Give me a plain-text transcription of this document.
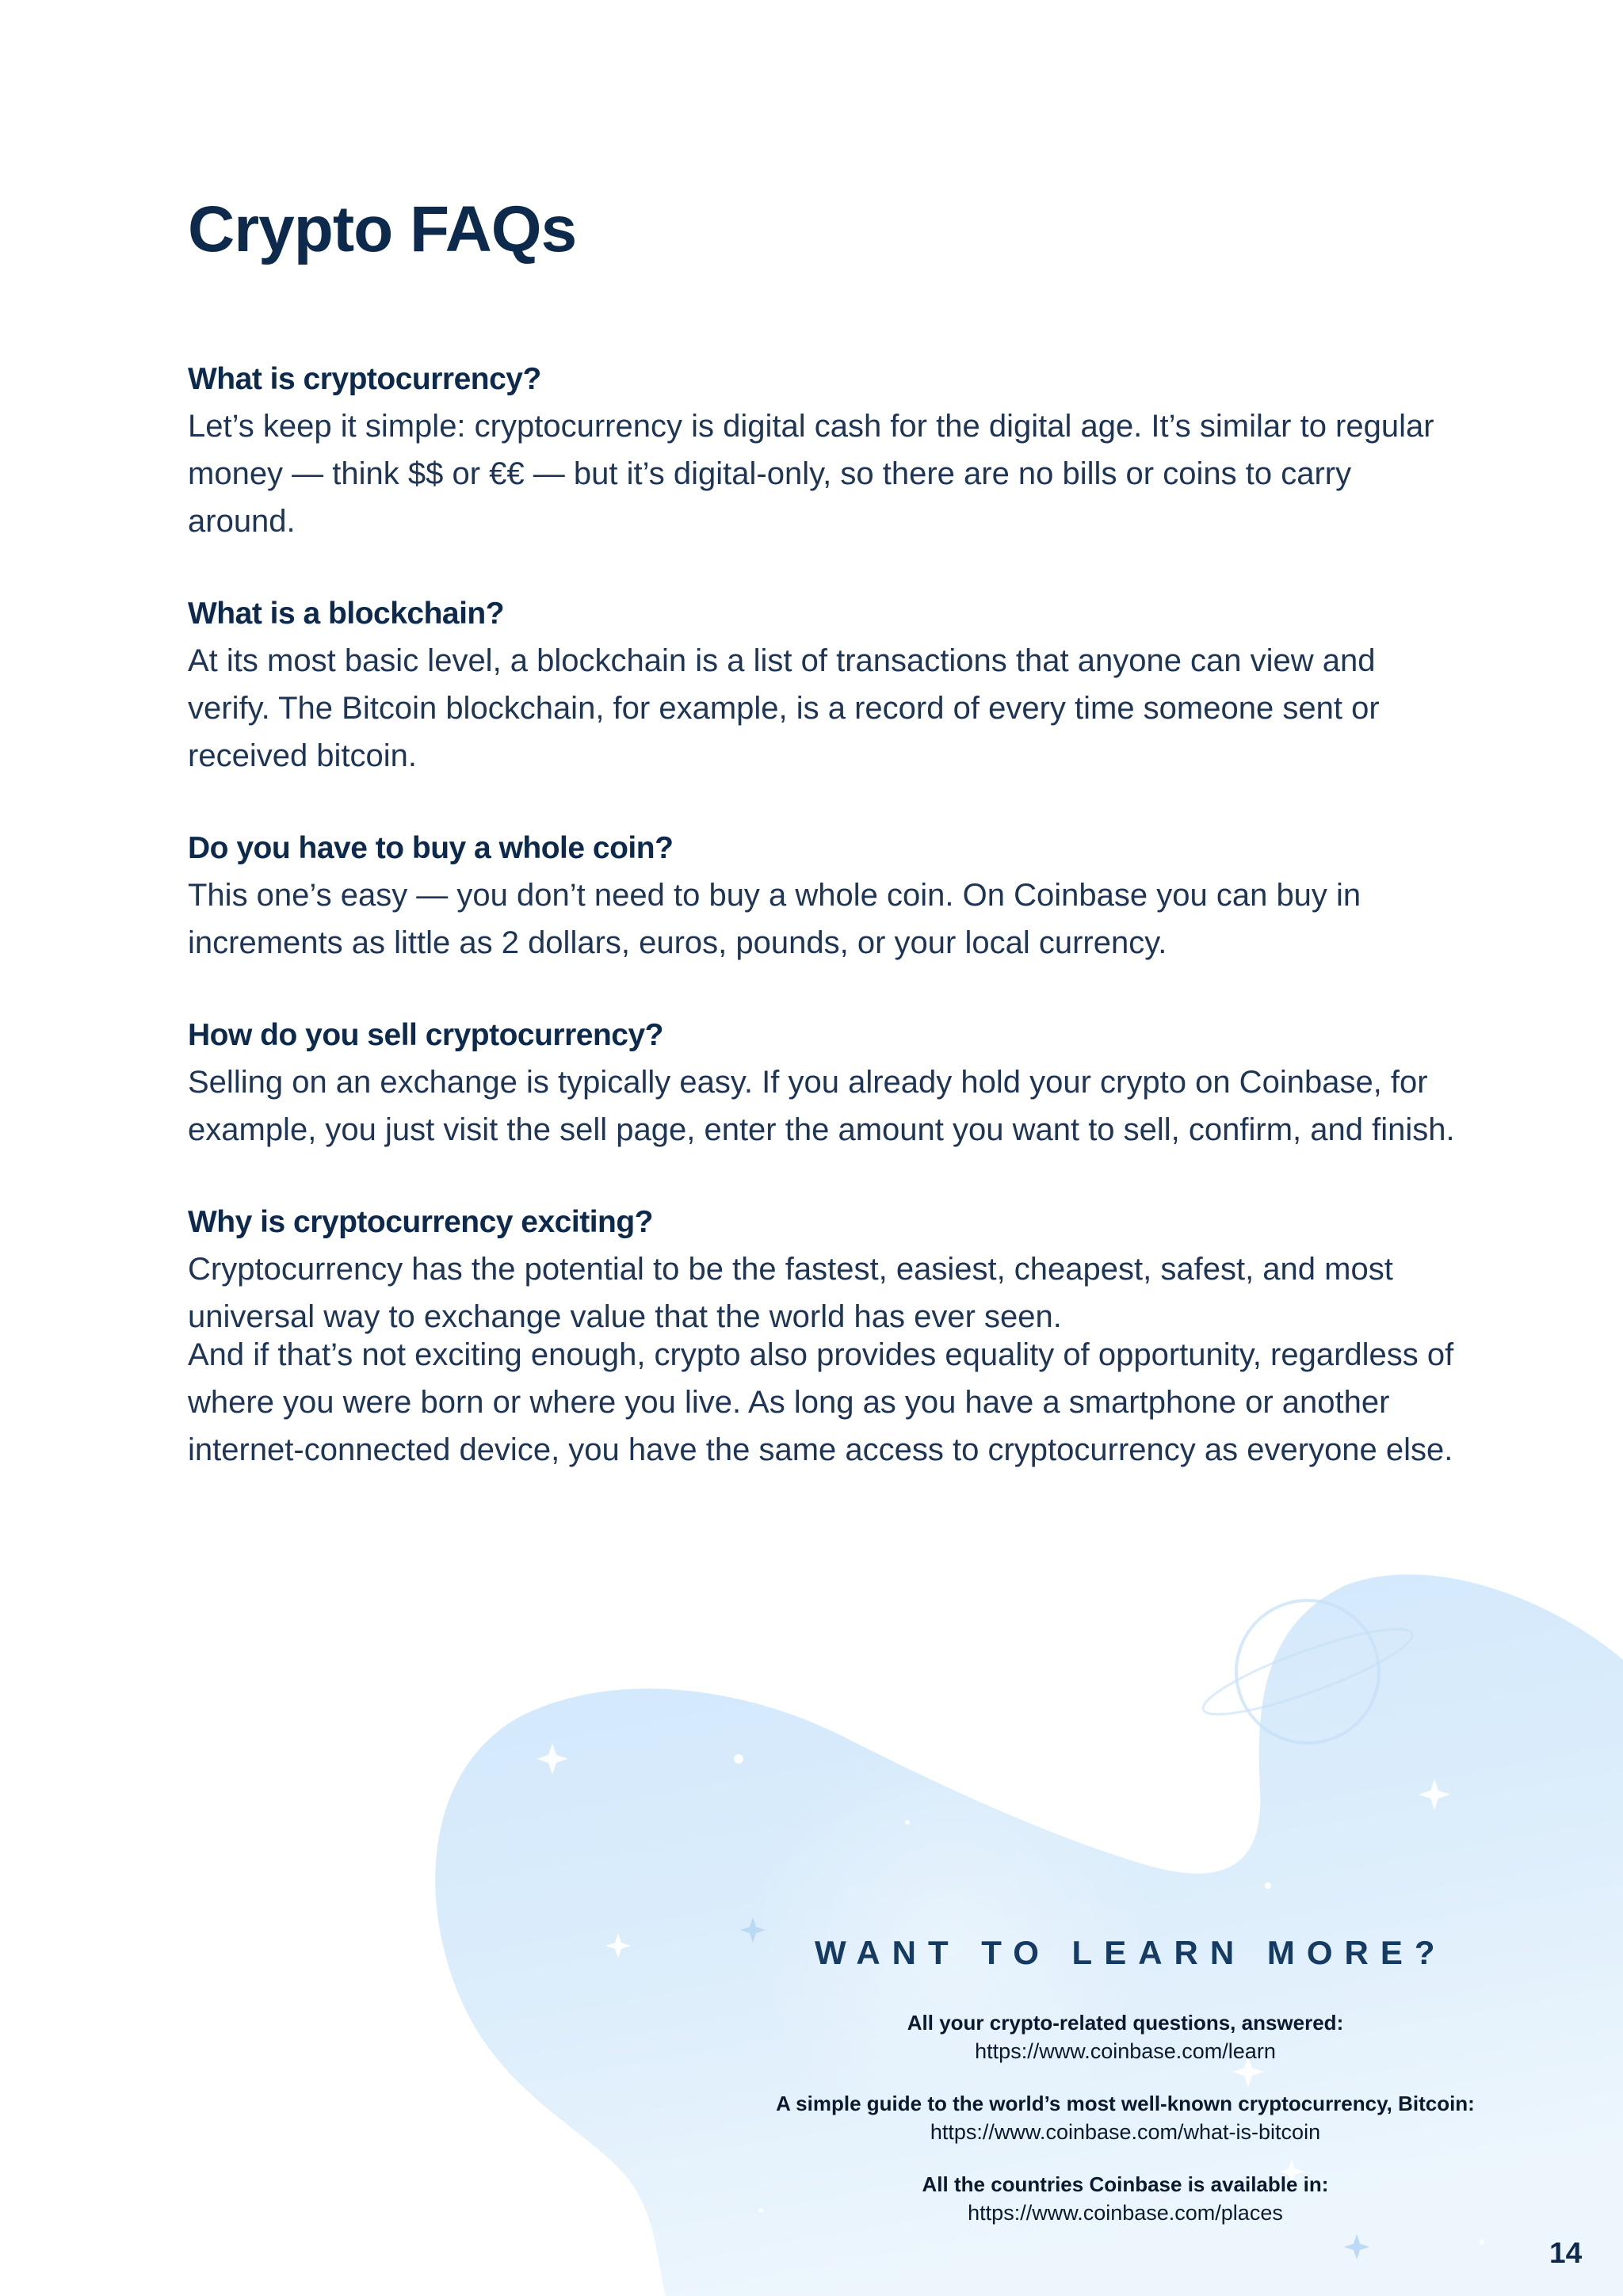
Crypto FAQs

What is cryptocurrency?

Let’s keep it simple: cryptocurrency is digital cash for the digital age. It’s similar to regular money — think $$ or €€ — but it’s digital-only, so there are no bills or coins to carry around.

What is a blockchain?

At its most basic level, a blockchain is a list of transactions that anyone can view and verify. The Bitcoin blockchain, for example, is a record of every time someone sent or received bitcoin.

Do you have to buy a whole coin?

This one’s easy — you don’t need to buy a whole coin. On Coinbase you can buy in increments as little as 2 dollars, euros, pounds, or your local currency.

How do you sell cryptocurrency?

Selling on an exchange is typically easy. If you already hold your crypto on Coinbase, for example, you just visit the sell page, enter the amount you want to sell, confirm, and finish.

Why is cryptocurrency exciting?

Cryptocurrency has the potential to be the fastest, easiest, cheapest, safest, and most universal way to exchange value that the world has ever seen.

And if that’s not exciting enough, crypto also provides equality of opportunity, regardless of where you were born or where you live. As long as you have a smartphone or another internet-connected device, you have the same access to cryptocurrency as everyone else.

WANT TO LEARN MORE?

All your crypto-related questions, answered:
https://www.coinbase.com/learn
A simple guide to the world’s most well-known cryptocurrency, Bitcoin:
https://www.coinbase.com/what-is-bitcoin
All the countries Coinbase is available in:
https://www.coinbase.com/places
14
